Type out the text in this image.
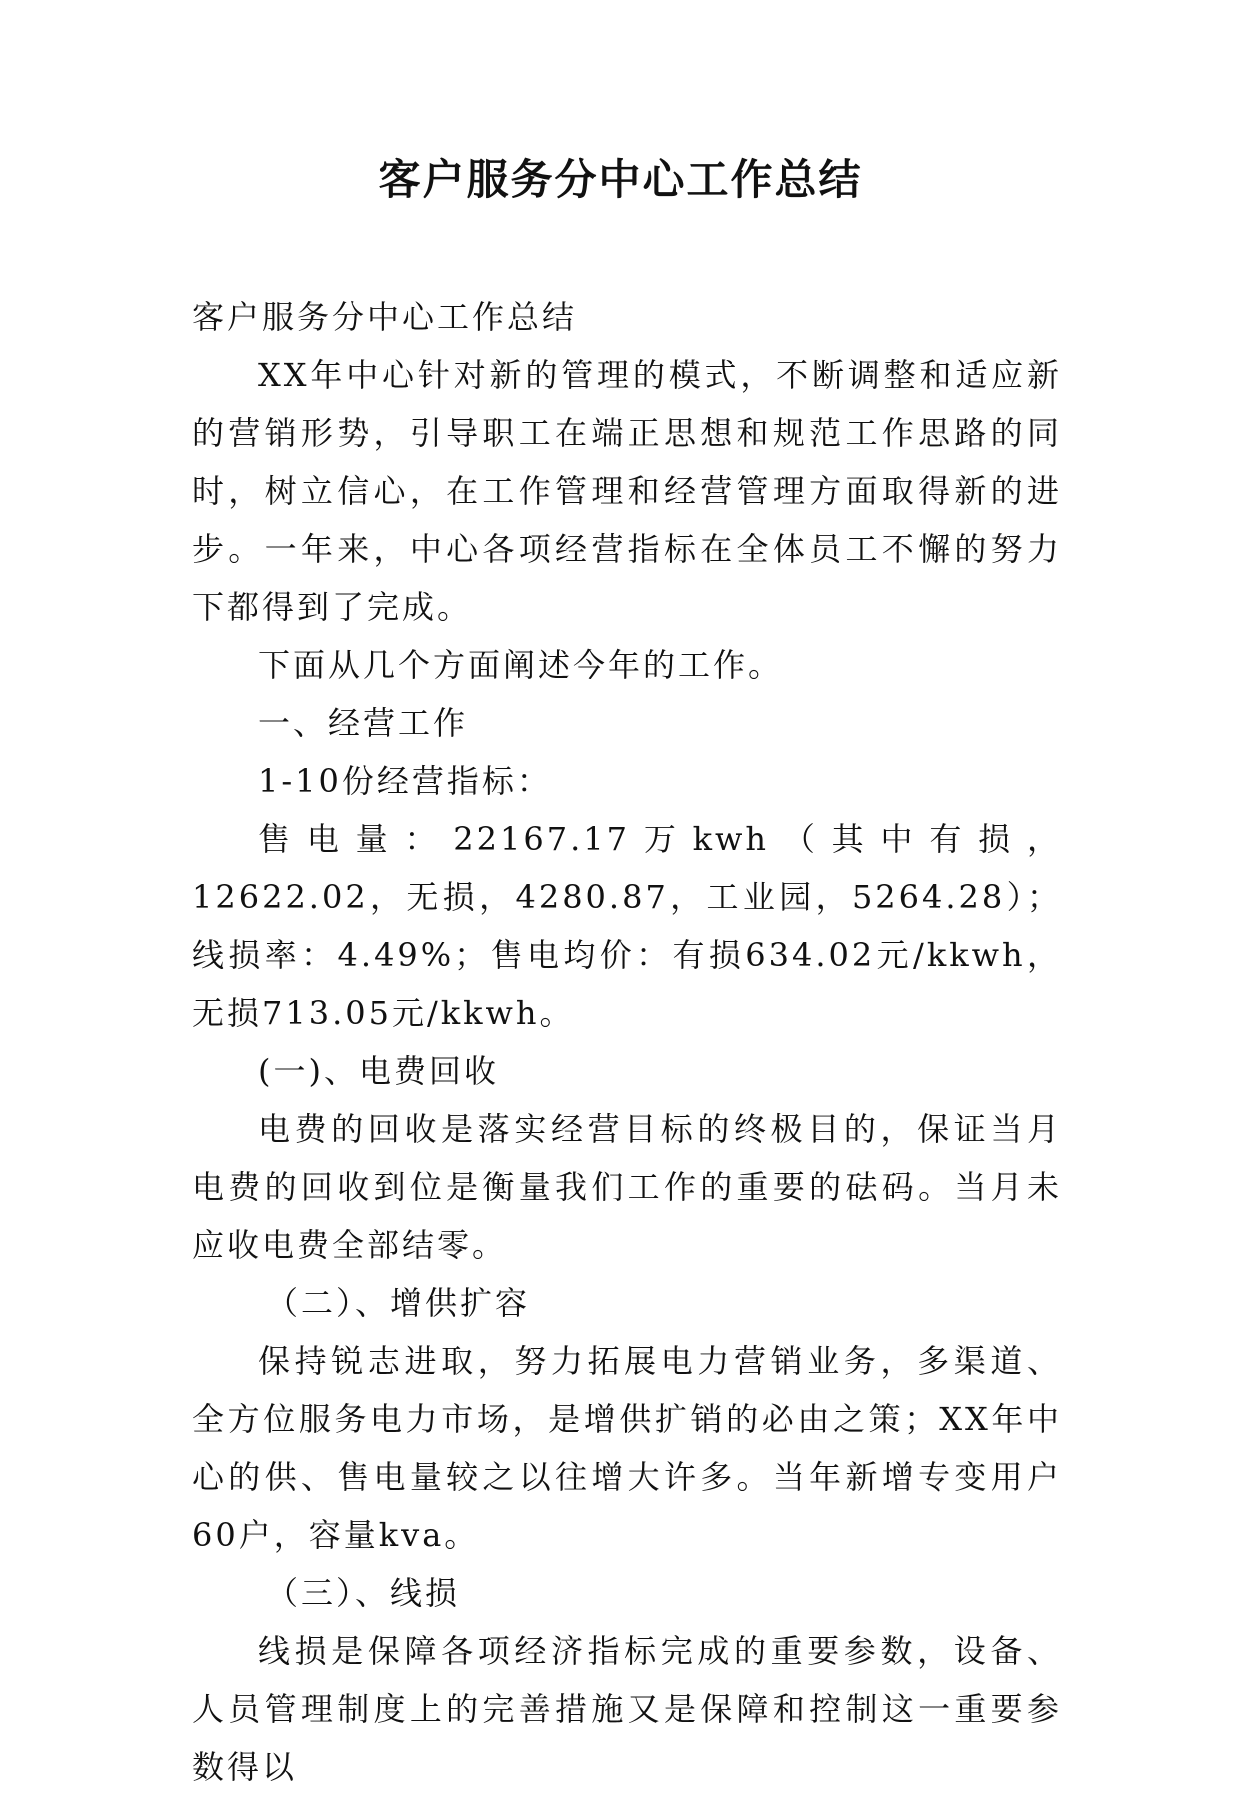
客户服务分中心工作总结

客户服务分中心工作总结

XX年中心针对新的管理的模式，不断调整和适应新的营销形势，引导职工在端正思想和规范工作思路的同时，树立信心，在工作管理和经营管理方面取得新的进步。一年来，中心各项经营指标在全体员工不懈的努力下都得到了完成。

下面从几个方面阐述今年的工作。

一、经营工作

1-10份经营指标：

售电量：22167.17万kwh（其中有损，12622.02，无损，4280.87，工业园，5264.28）；线损率：4.49%；售电均价：有损634.02元/kkwh，无损713.05元/kkwh。

(一)、电费回收

电费的回收是落实经营目标的终极目的，保证当月电费的回收到位是衡量我们工作的重要的砝码。当月未应收电费全部结零。

（二）、增供扩容

保持锐志进取，努力拓展电力营销业务，多渠道、全方位服务电力市场，是增供扩销的必由之策；XX年中心的供、售电量较之以往增大许多。当年新增专变用户60户，容量kva。

（三）、线损

线损是保障各项经济指标完成的重要参数，设备、人员管理制度上的完善措施又是保障和控制这一重要参数得以
